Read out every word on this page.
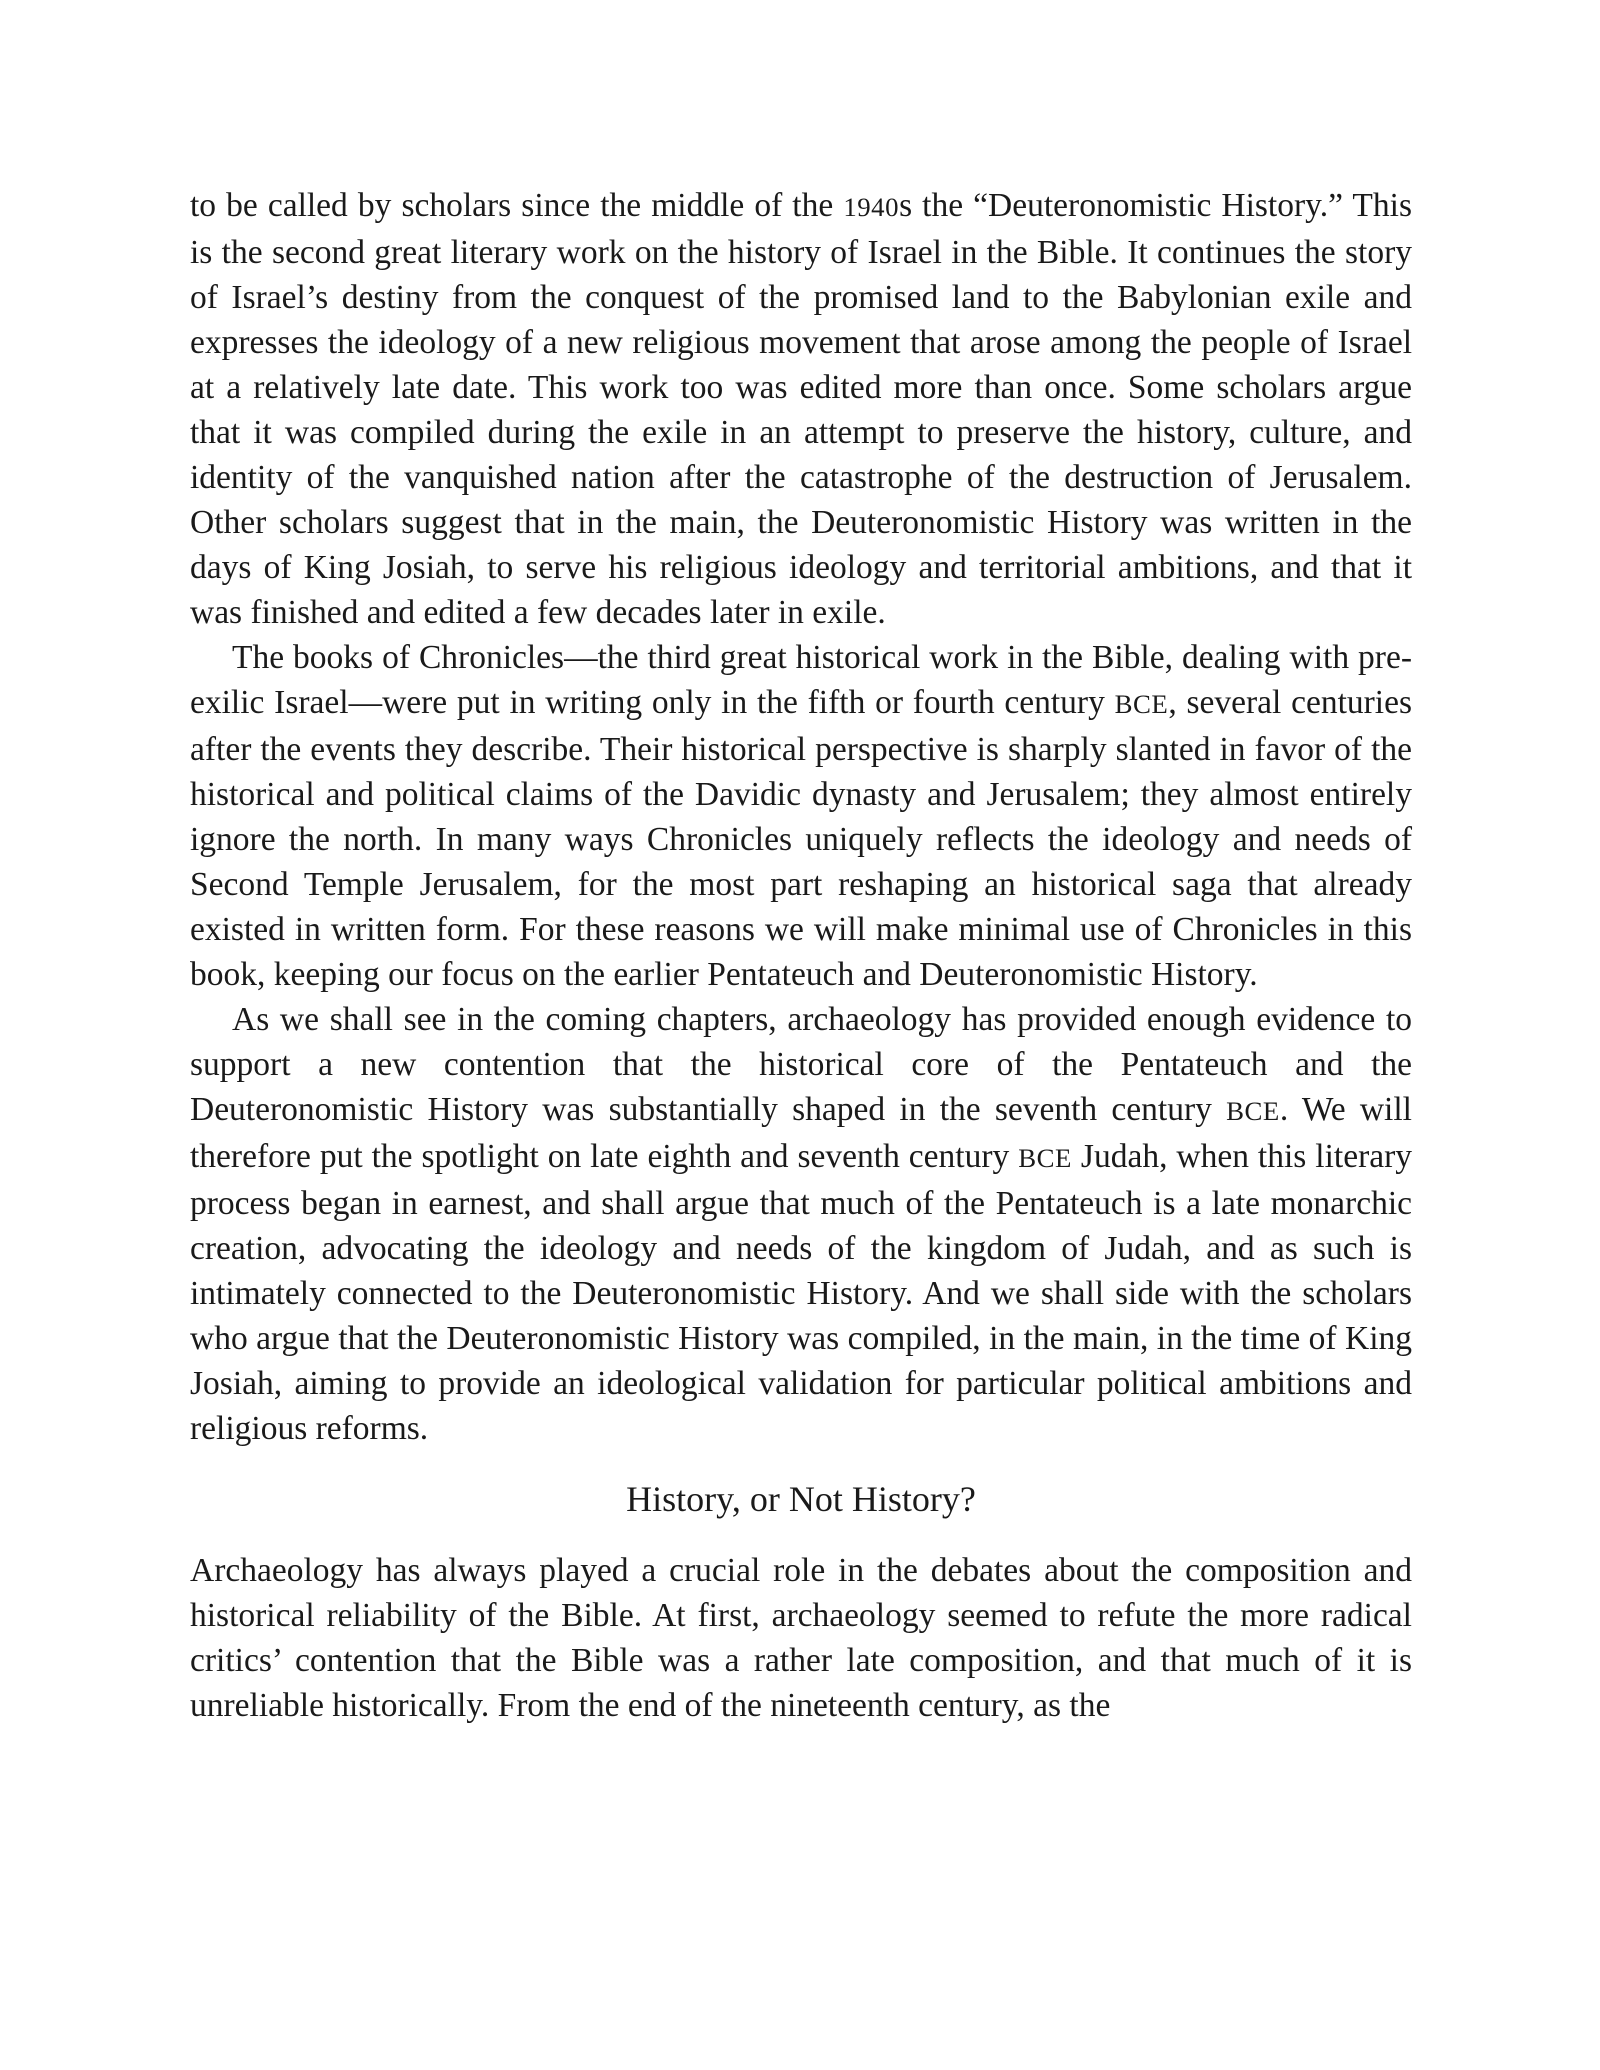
to be called by scholars since the middle of the 1940s the “Deuteronomistic History.” This is the second great literary work on the history of Israel in the Bible. It continues the story of Israel’s destiny from the conquest of the promised land to the Babylonian exile and expresses the ideology of a new religious movement that arose among the people of Israel at a relatively late date. This work too was edited more than once. Some scholars argue that it was compiled during the exile in an attempt to preserve the history, culture, and identity of the vanquished nation after the catastrophe of the destruction of Jerusalem. Other scholars suggest that in the main, the Deuteronomistic History was written in the days of King Josiah, to serve his religious ideology and territorial ambitions, and that it was finished and edited a few decades later in exile.

The books of Chronicles—the third great historical work in the Bible, dealing with pre-exilic Israel—were put in writing only in the fifth or fourth century BCE, several centuries after the events they describe. Their historical perspective is sharply slanted in favor of the historical and political claims of the Davidic dynasty and Jerusalem; they almost entirely ignore the north. In many ways Chronicles uniquely reflects the ideology and needs of Second Temple Jerusalem, for the most part reshaping an historical saga that already existed in written form. For these reasons we will make minimal use of Chronicles in this book, keeping our focus on the earlier Pentateuch and Deuteronomistic History.

As we shall see in the coming chapters, archaeology has provided enough evidence to support a new contention that the historical core of the Pentateuch and the Deuteronomistic History was substantially shaped in the seventh century BCE. We will therefore put the spotlight on late eighth and seventh century BCE Judah, when this literary process began in earnest, and shall argue that much of the Pentateuch is a late monarchic creation, advocating the ideology and needs of the kingdom of Judah, and as such is intimately connected to the Deuteronomistic History. And we shall side with the scholars who argue that the Deuteronomistic History was compiled, in the main, in the time of King Josiah, aiming to provide an ideological validation for particular political ambitions and religious reforms.

History, or Not History?

Archaeology has always played a crucial role in the debates about the composition and historical reliability of the Bible. At first, archaeology seemed to refute the more radical critics’ contention that the Bible was a rather late composition, and that much of it is unreliable historically. From the end of the nineteenth century, as the
